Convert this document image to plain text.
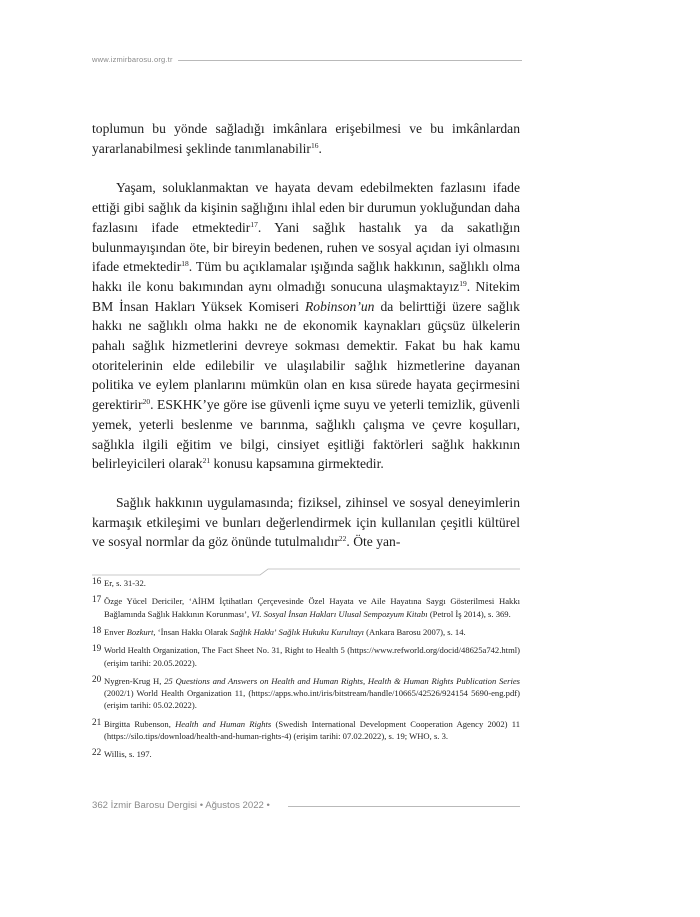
www.izmirbarosu.org.tr

toplumun bu yönde sağladığı imkânlara erişebilmesi ve bu imkânlardan yararlanabilmesi şeklinde tanımlanabilir$^{16}$.

Yaşam, soluklanmaktan ve hayata devam edebilmekten fazlasını ifade ettiği gibi sağlık da kişinin sağlığını ihlal eden bir durumun yokluğundan daha fazlasını ifade etmektedir$^{17}$. Yani sağlık hastalık ya da sakatlığın bulunmayışından öte, bir bireyin bedenen, ruhen ve sosyal açıdan iyi olmasını ifade etmektedir$^{18}$. Tüm bu açıklamalar ışığında sağlık hakkının, sağlıklı olma hakkı ile konu bakımından aynı olmadığı sonucuna ulaşmaktayız$^{19}$. Nitekim BM İnsan Hakları Yüksek Komiseri Robinson’un da belirttiği üzere sağlık hakkı ne sağlıklı olma hakkı ne de ekonomik kaynakları güçsüz ülkelerin pahalı sağlık hizmetlerini devreye sokması demektir. Fakat bu hak kamu otoritelerinin elde edilebilir ve ulaşılabilir sağlık hizmetlerine dayanan politika ve eylem planlarını mümkün olan en kısa sürede hayata geçirmesini gerektirir$^{20}$. ESKHK’ye göre ise güvenli içme suyu ve yeterli temizlik, güvenli yemek, yeterli beslenme ve barınma, sağlıklı çalışma ve çevre koşulları, sağlıkla ilgili eğitim ve bilgi, cinsiyet eşitliği faktörleri sağlık hakkının belirleyicileri olarak$^{21}$ konusu kapsamına girmektedir.

Sağlık hakkının uygulamasında; fiziksel, zihinsel ve sosyal deneyimlerin karmaşık etkileşimi ve bunları değerlendirmek için kullanılan çeşitli kültürel ve sosyal normlar da göz önünde tutulmalıdır$^{22}$. Öte yan-

16 Er, s. 31-32.

17 Özge Yücel Dericiler, ‘AİHM İçtihatları Çerçevesinde Özel Hayata ve Aile Hayatına Saygı Gösterilmesi Hakkı Bağlamında Sağlık Hakkının Korunması’, VI. Sosyal İnsan Hakları Ulusal Sempozyum Kitabı (Petrol İş 2014), s. 369.

18 Enver Bozkurt, ‘İnsan Hakkı Olarak Sağlık Hakkı’ Sağlık Hukuku Kurultayı (Ankara Barosu 2007), s. 14.

19 World Health Organization, The Fact Sheet No. 31, Right to Health 5 (https://www.refworld.org/docid/48625a742.html) (erişim tarihi: 20.05.2022).

20 Nygren-Krug H, 25 Questions and Answers on Health and Human Rights, Health & Human Rights Publication Series (2002/1) World Health Organization 11, (https://apps.who.int/iris/bitstream/handle/10665/42526/924154 5690-eng.pdf) (erişim tarihi: 05.02.2022).

21 Birgitta Rubenson, Health and Human Rights (Swedish International Development Cooperation Agency 2002) 11 (https://silo.tips/download/health-and-human-rights-4) (erişim tarihi: 07.02.2022), s. 19; WHO, s. 3.

22 Willis, s. 197.

362 İzmir Barosu Dergisi • Ağustos 2022 •
